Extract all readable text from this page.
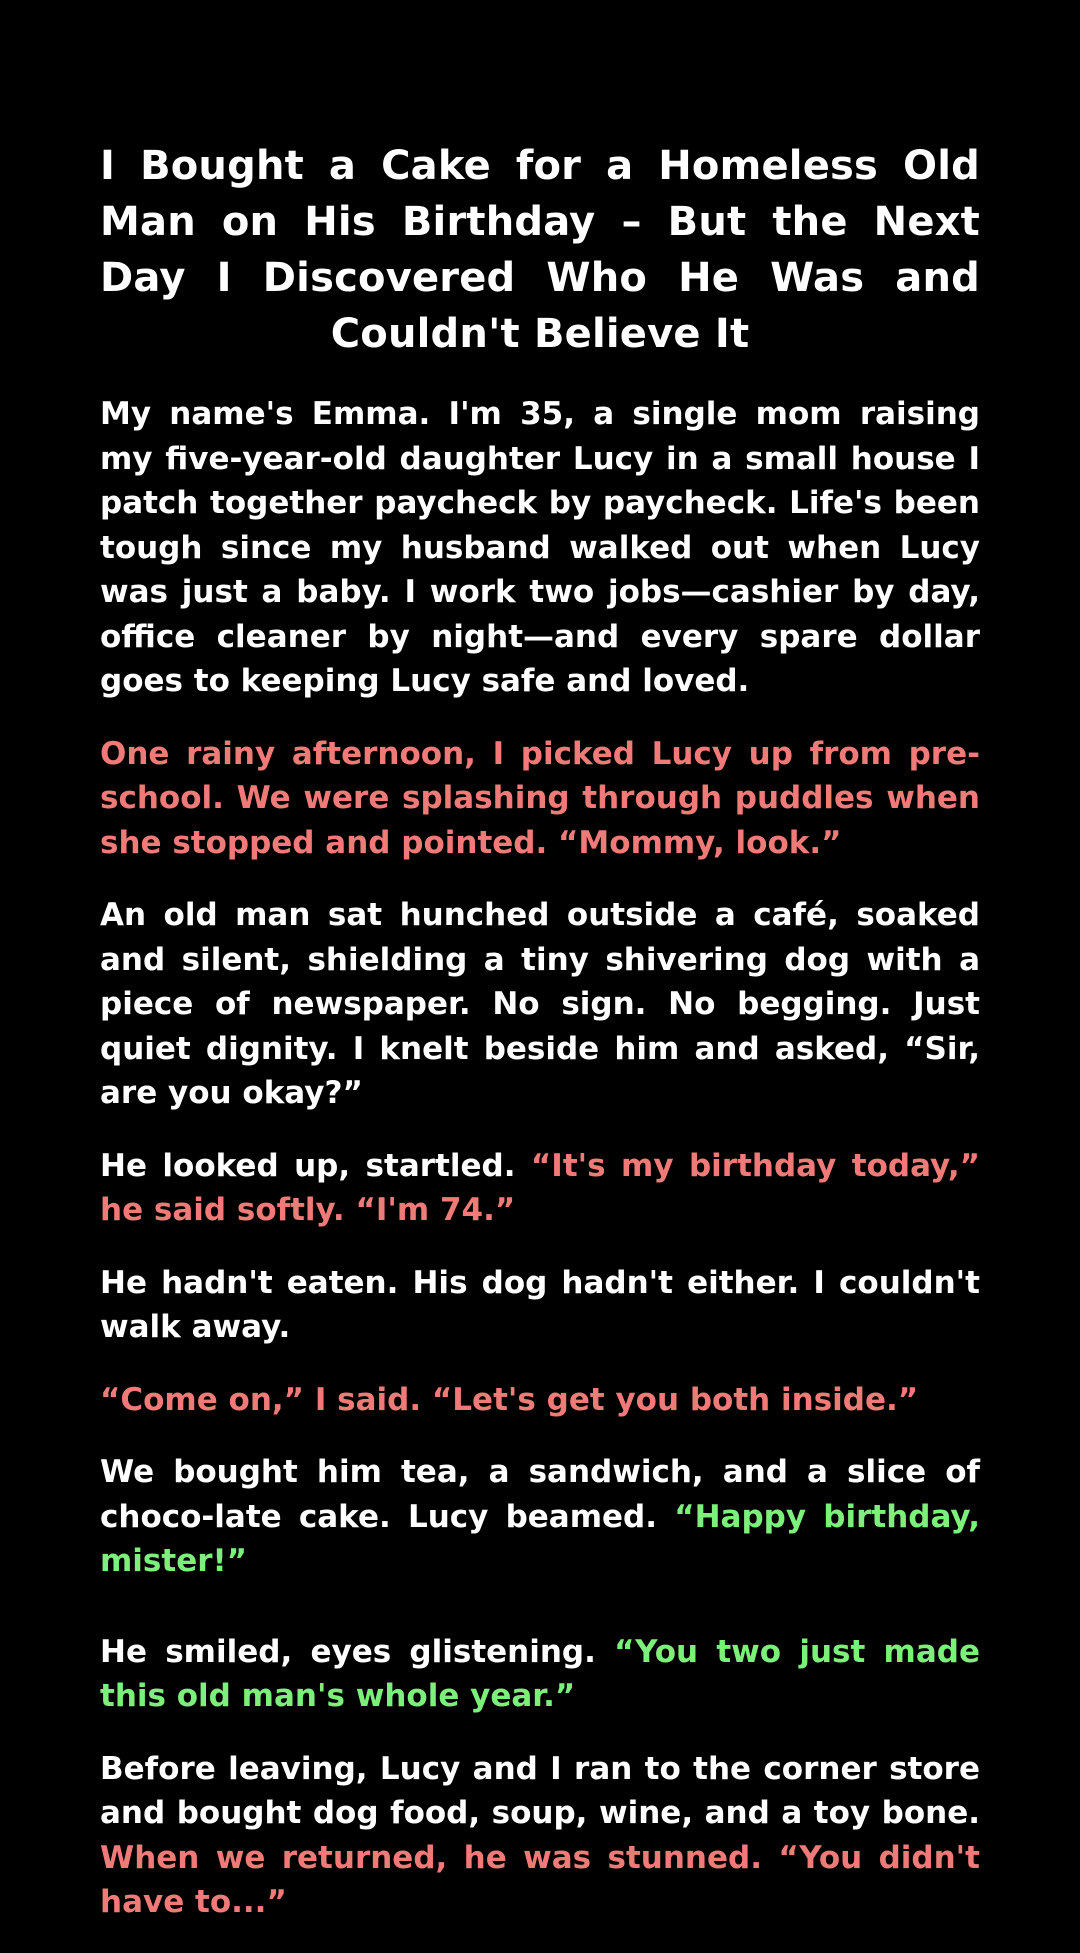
I Bought a Cake for a Homeless Old Man on His Birthday – But the Next Day I Discovered Who He Was and Couldn't Believe It

My name's Emma. I'm 35, a single mom raising my five-year-old daughter Lucy in a small house I patch together paycheck by paycheck. Life's been tough since my husband walked out when Lucy was just a baby. I work two jobs—cashier by day, office cleaner by night—and every spare dollar goes to keeping Lucy safe and loved.

One rainy afternoon, I picked Lucy up from pre-school. We were splashing through puddles when she stopped and pointed. “Mommy, look.”

An old man sat hunched outside a café, soaked and silent, shielding a tiny shivering dog with a piece of newspaper. No sign. No begging. Just quiet dignity. I knelt beside him and asked, “Sir, are you okay?”

He looked up, startled. “It's my birthday today,” he said softly. “I'm 74.”

He hadn't eaten. His dog hadn't either. I couldn't walk away.

“Come on,” I said. “Let's get you both inside.”

We bought him tea, a sandwich, and a slice of choco-late cake. Lucy beamed. “Happy birthday, mister!”

He smiled, eyes glistening. “You two just made this old man's whole year.”

Before leaving, Lucy and I ran to the corner store and bought dog food, soup, wine, and a toy bone. When we returned, he was stunned. “You didn't have to...”
